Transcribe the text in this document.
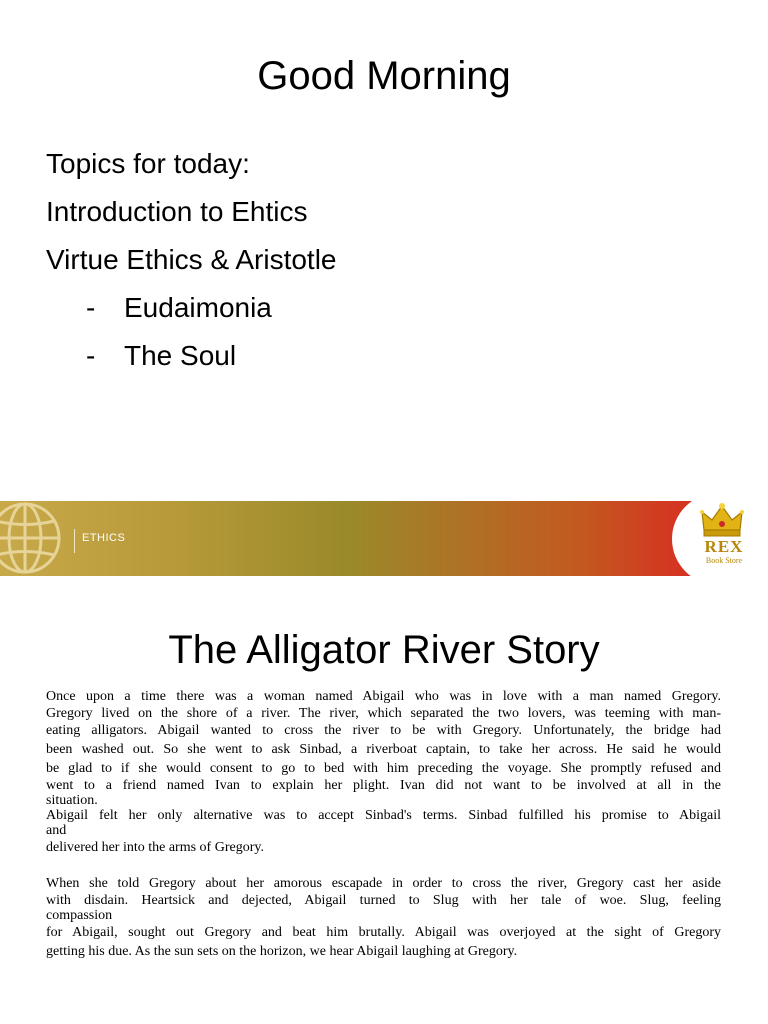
Good Morning
Topics for today:
Introduction to Ehtics
Virtue Ethics & Aristotle
- Eudaimonia
- The Soul
ETHICS	REX
Book Store
The Alligator River Story
Once upon a time there was a woman named Abigail who was in love with a man named Gregory.
Gregory lived on the shore of a river. The river, which separated the two lovers, was teeming with man-
eating alligators. Abigail wanted to cross the river to be with Gregory. Unfortunately, the bridge had
been washed out. So she went to ask Sinbad, a riverboat captain, to take her across. He said he would
be glad to if she would consent to go to bed with him preceding the voyage. She promptly refused and
went to a friend named Ivan to explain her plight. Ivan did not want to be involved at all in the
situation.
Abigail felt her only alternative was to accept Sinbad's terms. Sinbad fulfilled his promise to Abigail
and
delivered her into the arms of Gregory.
When she told Gregory about her amorous escapade in order to cross the river, Gregory cast her aside
with disdain. Heartsick and dejected, Abigail turned to Slug with her tale of woe. Slug, feeling
compassion
for Abigail, sought out Gregory and beat him brutally. Abigail was overjoyed at the sight of Gregory
getting his due. As the sun sets on the horizon, we hear Abigail laughing at Gregory.
